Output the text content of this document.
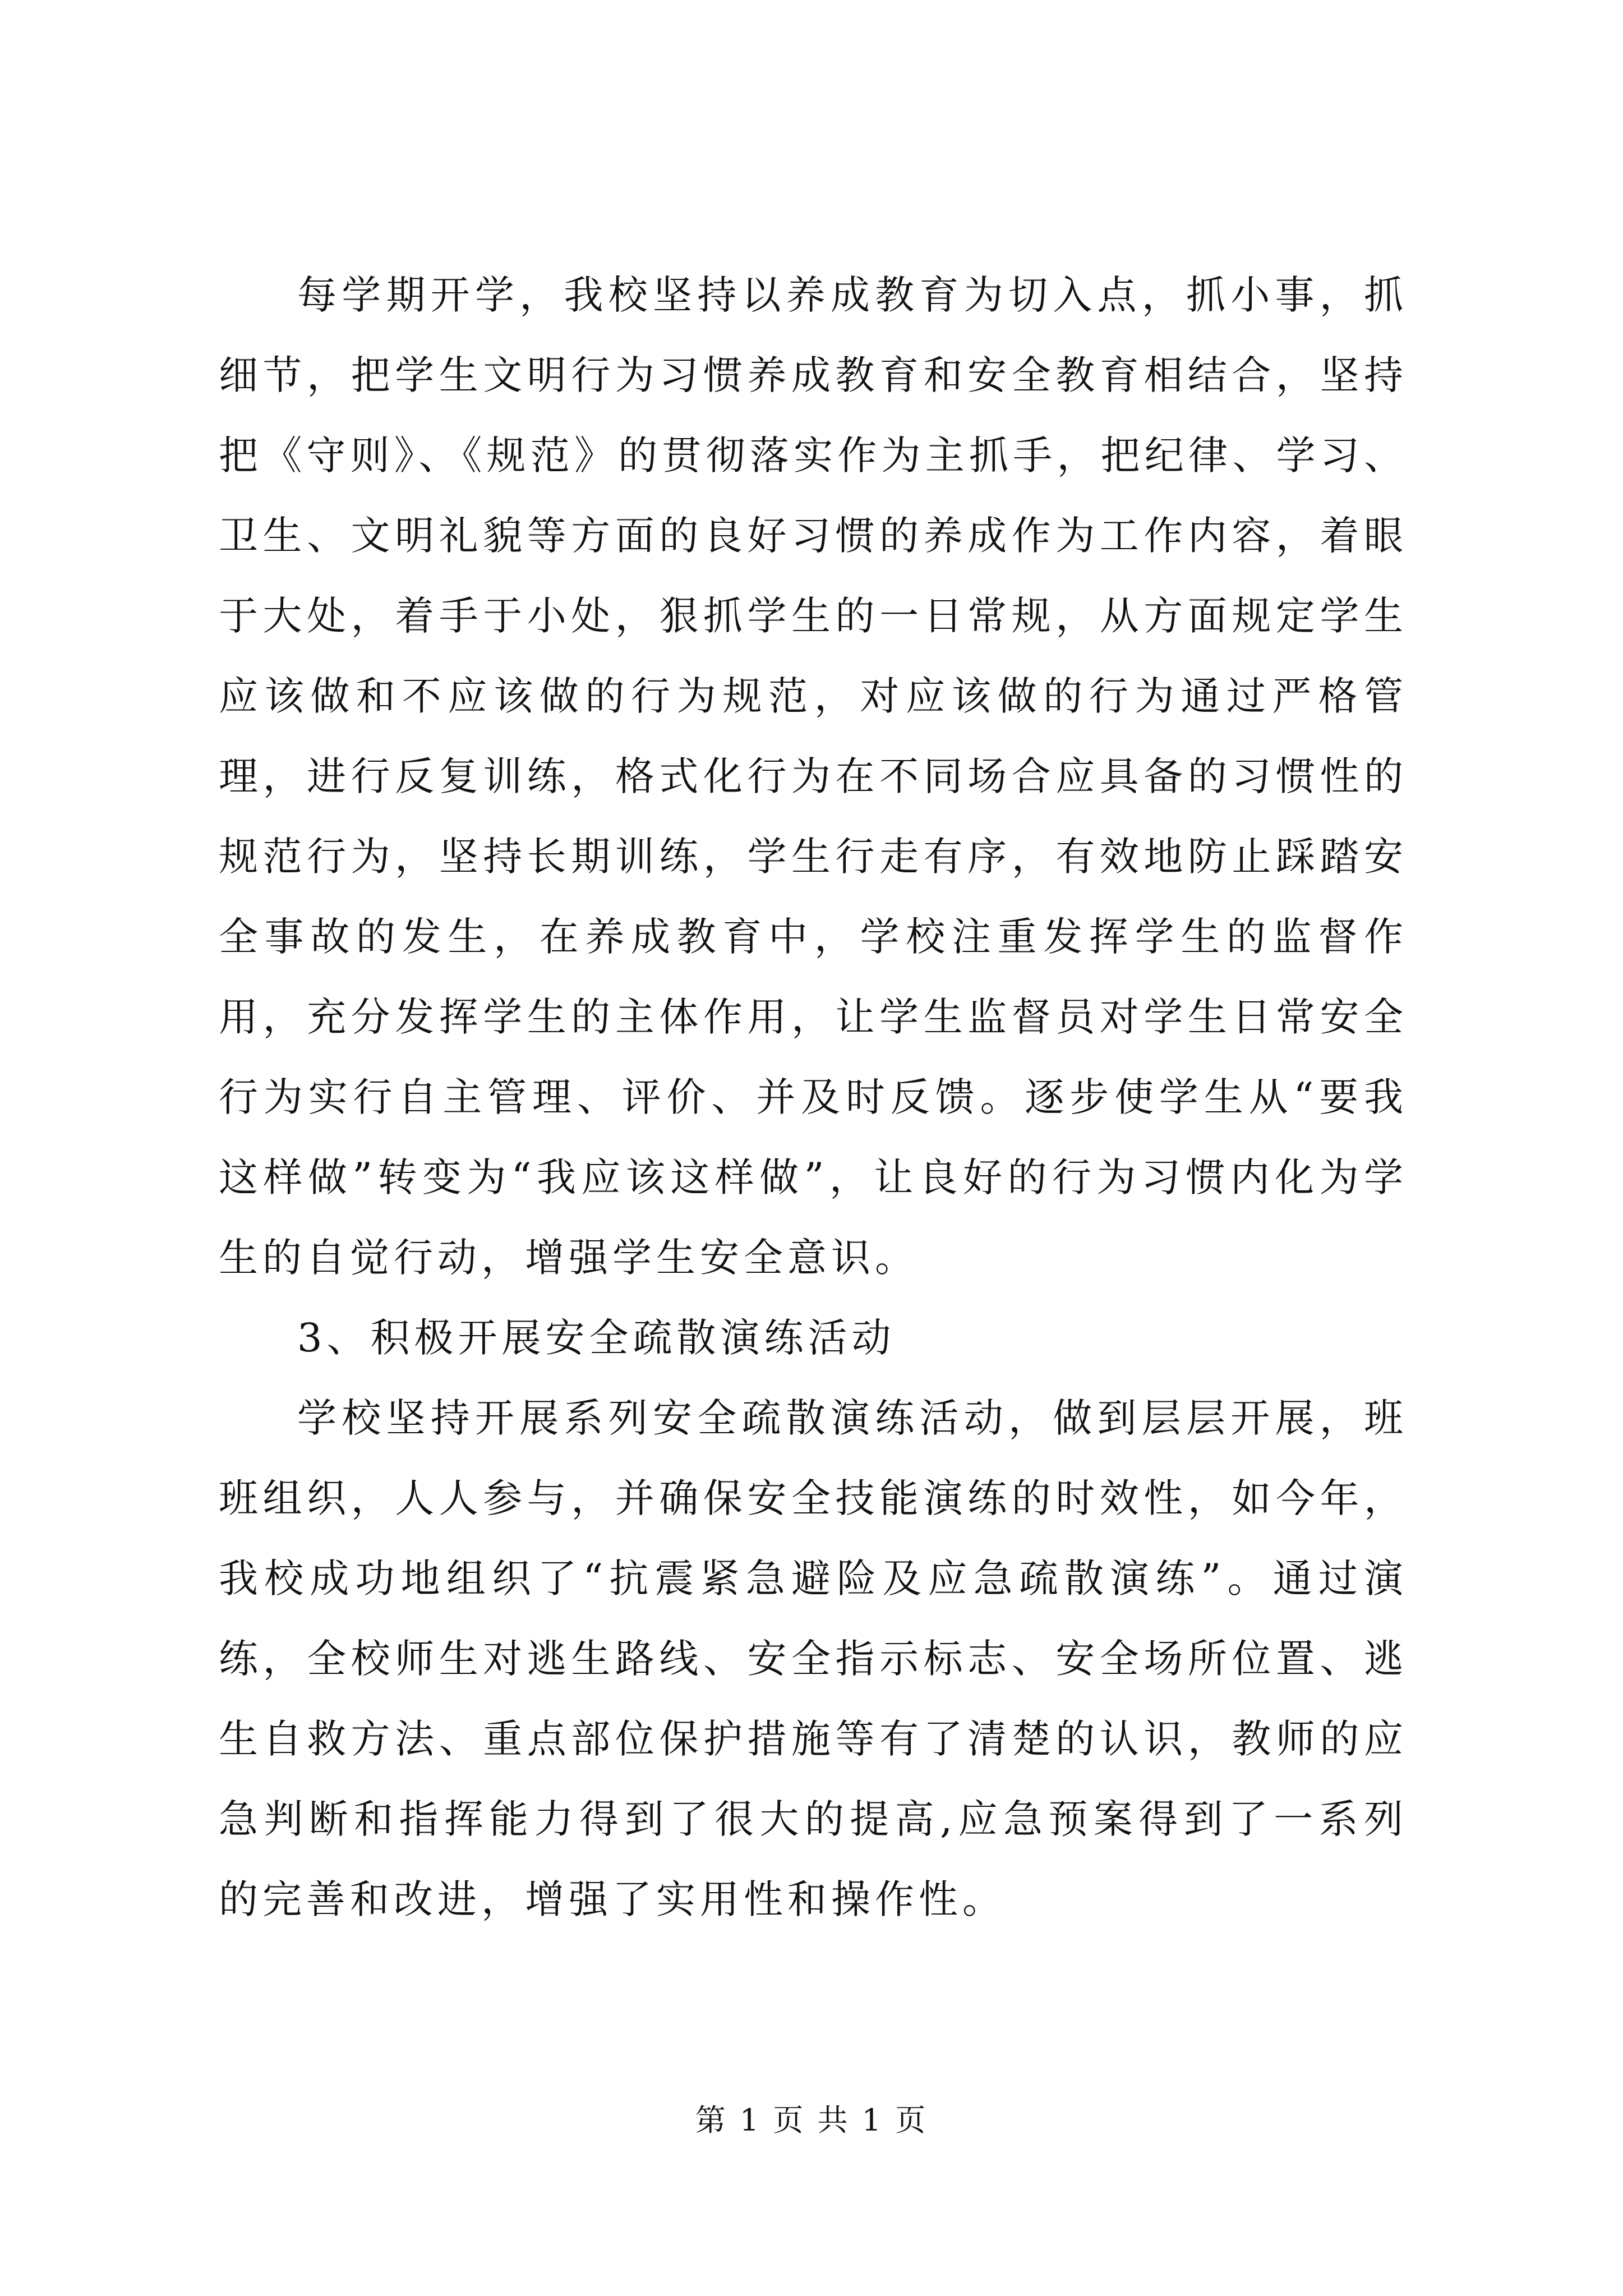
每学期开学，我校坚持以养成教育为切入点，抓小事，抓细节，把学生文明行为习惯养成教育和安全教育相结合，坚持把《守则》、《规范》的贯彻落实作为主抓手，把纪律、学习、卫生、文明礼貌等方面的良好习惯的养成作为工作内容，着眼于大处，着手于小处，狠抓学生的一日常规，从方面规定学生应该做和不应该做的行为规范，对应该做的行为通过严格管理，进行反复训练，格式化行为在不同场合应具备的习惯性的规范行为，坚持长期训练，学生行走有序，有效地防止踩踏安全事故的发生，在养成教育中，学校注重发挥学生的监督作用，充分发挥学生的主体作用，让学生监督员对学生日常安全行为实行自主管理、评价、并及时反馈。逐步使学生从“要我这样做”转变为“我应该这样做”，让良好的行为习惯内化为学生的自觉行动，增强学生安全意识。

3、积极开展安全疏散演练活动

学校坚持开展系列安全疏散演练活动，做到层层开展，班班组织，人人参与，并确保安全技能演练的时效性，如今年，我校成功地组织了“抗震紧急避险及应急疏散演练”。通过演练，全校师生对逃生路线、安全指示标志、安全场所位置、逃生自救方法、重点部位保护措施等有了清楚的认识，教师的应急判断和指挥能力得到了很大的提高,应急预案得到了一系列的完善和改进，增强了实用性和操作性。

第 1 页 共 1 页
